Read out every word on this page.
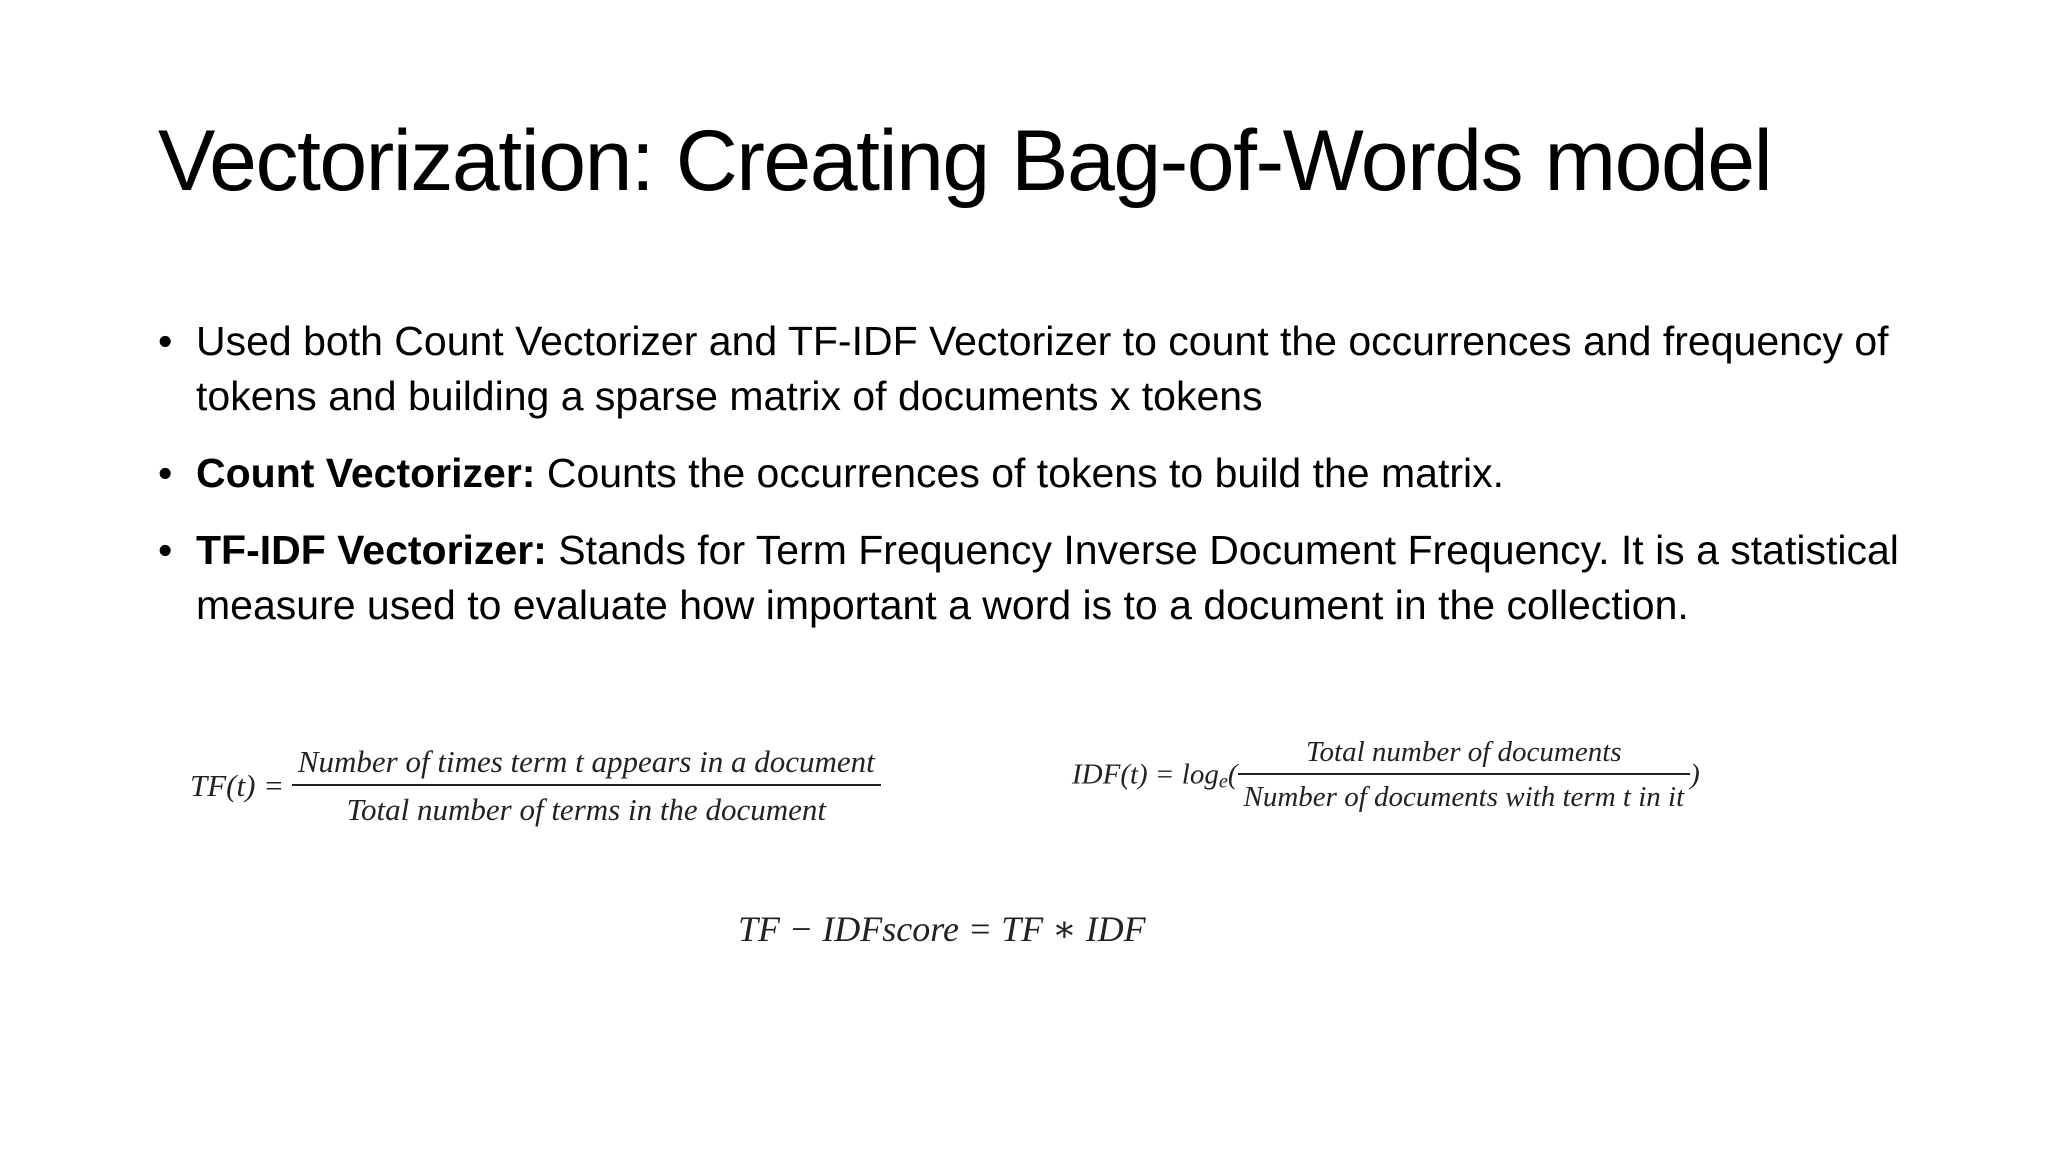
Vectorization: Creating Bag-of-Words model
• Used both Count Vectorizer and TF-IDF Vectorizer to count the occurrences and frequency of tokens and building a sparse matrix of documents x tokens
• Count Vectorizer: Counts the occurrences of tokens to build the matrix.
• TF-IDF Vectorizer: Stands for Term Frequency Inverse Document Frequency. It is a statistical measure used to evaluate how important a word is to a document in the collection.
$TF(t) = \frac{\text{Number of times term t appears in a document}}{\text{Total number of terms in the document}}$	$IDF(t) = \log_e( \frac{\text{Total number of documents}}{\text{Number of documents with term t in it}}$ )
TF − IDFscore = TF ∗ IDF
